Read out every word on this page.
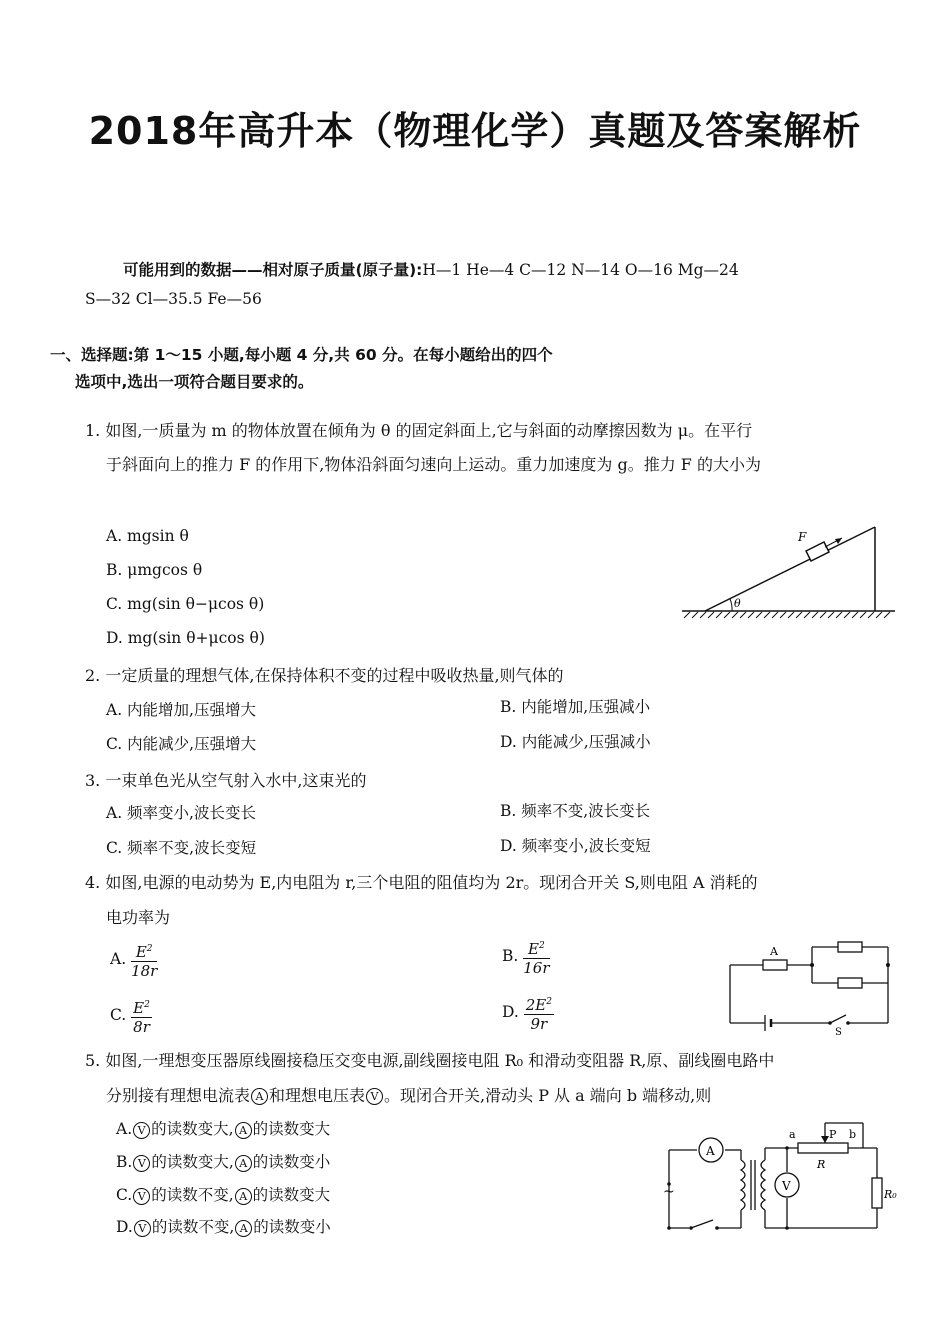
2018年高升本（物理化学）真题及答案解析
可能用到的数据——相对原子质量(原子量):H—1 He—4 C—12 N—14 O—16 Mg—24
S—32 Cl—35.5 Fe—56
一、选择题:第 1～15 小题,每小题 4 分,共 60 分。在每小题给出的四个
选项中,选出一项符合题目要求的。
1. 如图,一质量为 m 的物体放置在倾角为 θ 的固定斜面上,它与斜面的动摩擦因数为 μ。在平行
于斜面向上的推力 F 的作用下,物体沿斜面匀速向上运动。重力加速度为 g。推力 F 的大小为
A. mgsin θ
B. μmgcos θ
C. mg(sin θ−μcos θ)
D. mg(sin θ+μcos θ)
θ
F
2. 一定质量的理想气体,在保持体积不变的过程中吸收热量,则气体的
A. 内能增加,压强增大	B. 内能增加,压强减小
C. 内能减少,压强增大	D. 内能减少,压强减小
3. 一束单色光从空气射入水中,这束光的
A. 频率变小,波长变长	B. 频率不变,波长变长
C. 频率不变,波长变短	D. 频率变小,波长变短
4. 如图,电源的电动势为 E,内电阻为 r,三个电阻的阻值均为 2r。现闭合开关 S,则电阻 A 消耗的
电功率为
A. $\frac{E^2}{18r}$	B. $\frac{E^2}{16r}$
C. $\frac{E^2}{8r}$	D. $\frac{2E^2}{9r}$
A
S
5. 如图,一理想变压器原线圈接稳压交变电源,副线圈接电阻 R₀ 和滑动变阻器 R,原、副线圈电路中
分别接有理想电流表 A 和理想电压表 V 。现闭合开关,滑动头 P 从 a 端向 b 端移动,则
A. V 的读数变大, A 的读数变大
B. V 的读数变大, A 的读数变小
C. V 的读数不变, A 的读数变大
D. V 的读数不变, A 的读数变小
A
V
~
a	P b
R
R₀
